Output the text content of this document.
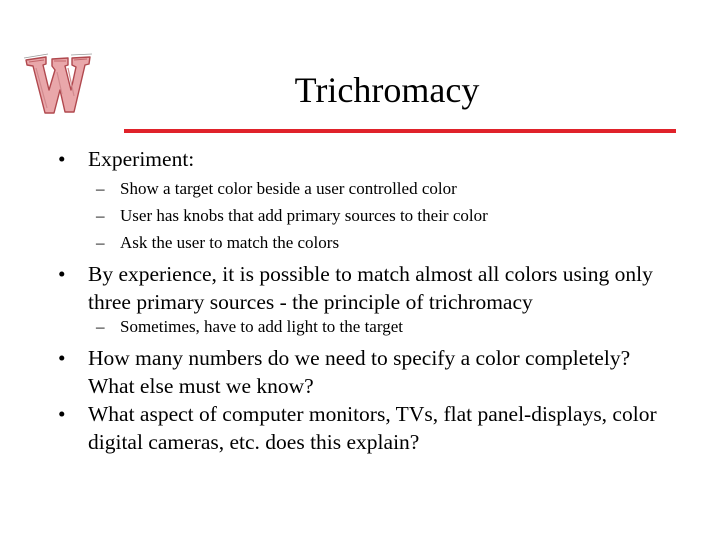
Trichromacy
• Experiment:
– Show a target color beside a user controlled color
– User has knobs that add primary sources to their color
– Ask the user to match the colors
• By experience, it is possible to match almost all colors using only three primary sources - the principle of trichromacy
– Sometimes, have to add light to the target
• How many numbers do we need to specify a color completely? What else must we know?
• What aspect of computer monitors, TVs, flat panel-displays, color digital cameras, etc. does this explain?
